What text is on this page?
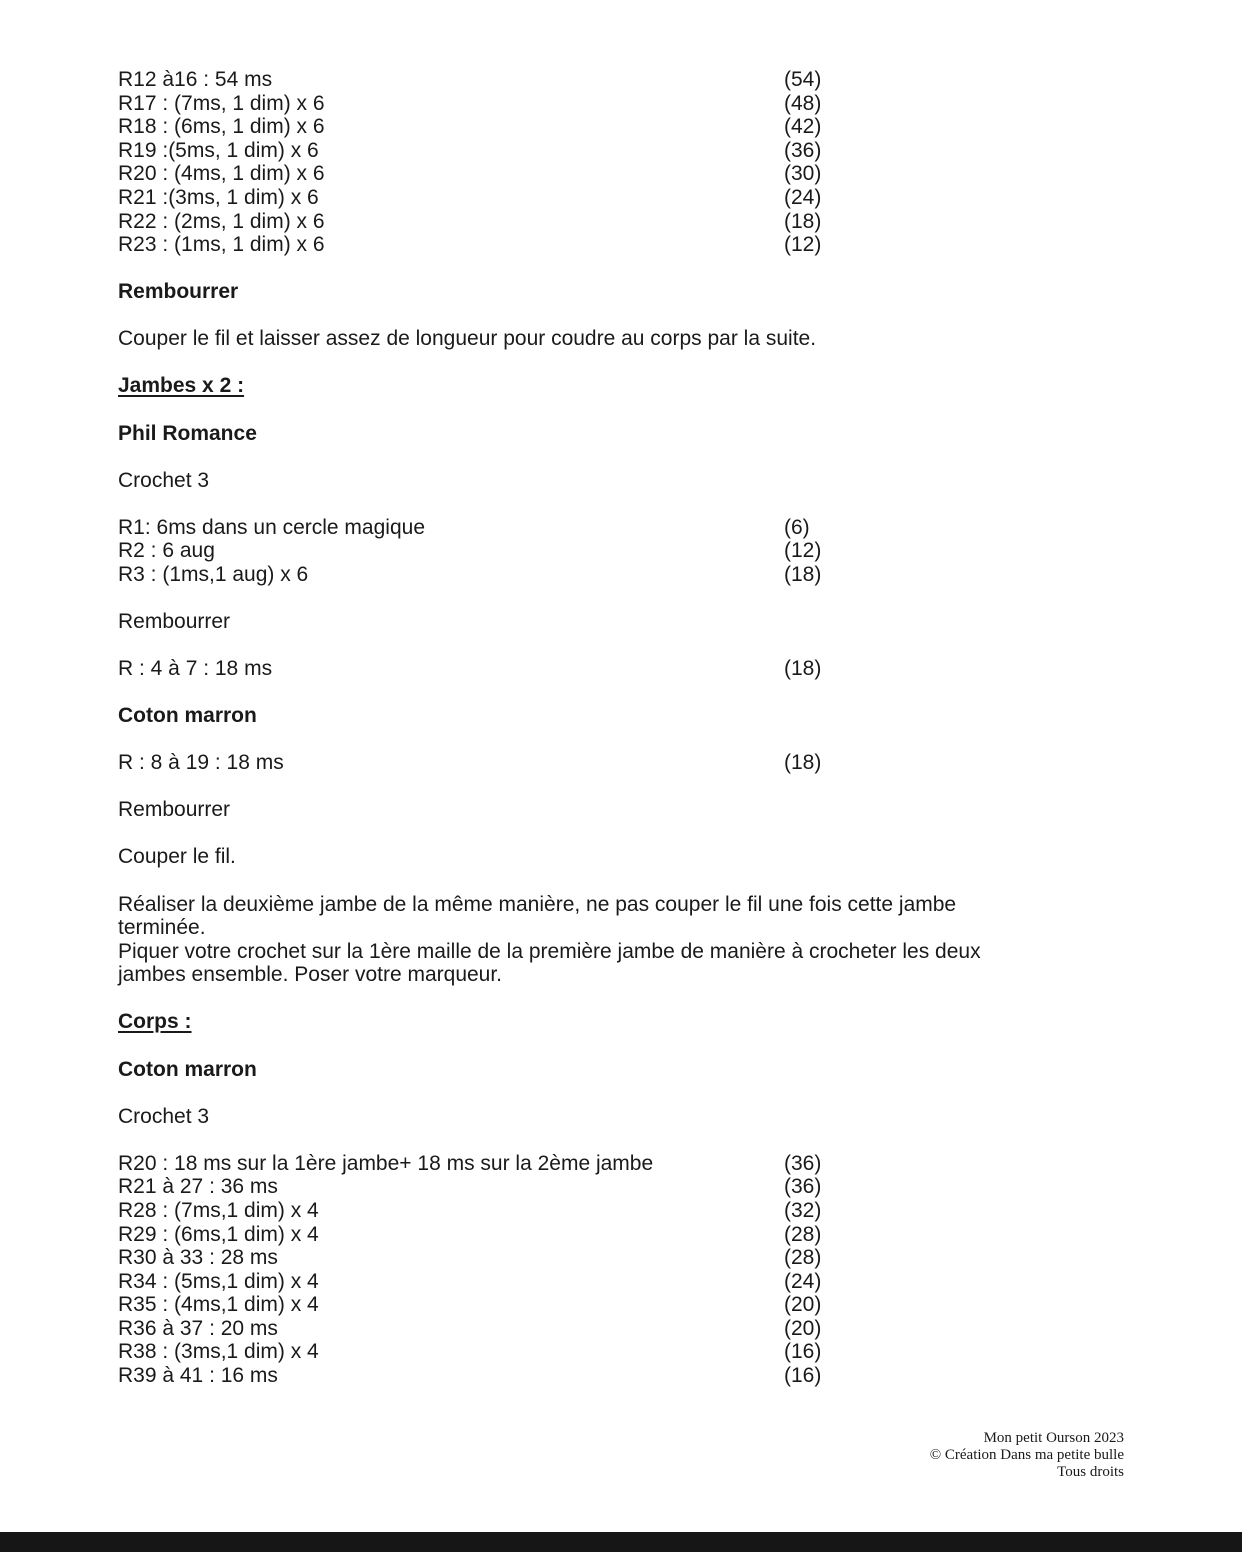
R12 à16 : 54 ms	(54)
R17 : (7ms, 1 dim) x 6	(48)
R18 : (6ms, 1 dim) x 6	(42)
R19 :(5ms, 1 dim) x 6	(36)
R20 : (4ms, 1 dim) x 6	(30)
R21 :(3ms, 1 dim) x 6	(24)
R22 : (2ms, 1 dim) x 6	(18)
R23 : (1ms, 1 dim) x 6	(12)
Rembourrer
Couper le fil et laisser assez de longueur pour coudre au corps par la suite.
Jambes x 2 :
Phil Romance
Crochet 3
R1: 6ms dans un cercle magique	(6)
R2 : 6 aug	(12)
R3 : (1ms,1 aug) x 6	(18)
Rembourrer
R : 4 à 7 : 18 ms	(18)
Coton marron
R : 8 à 19 : 18 ms	(18)
Rembourrer
Couper le fil.
Réaliser la deuxième jambe de la même manière, ne pas couper le fil une fois cette jambe
terminée.
Piquer votre crochet sur la 1ère maille de la première jambe de manière à crocheter les deux
jambes ensemble. Poser votre marqueur.
Corps :
Coton marron
Crochet 3
R20 : 18 ms sur la 1ère jambe+ 18 ms sur la 2ème jambe	(36)
R21 à 27 : 36 ms	(36)
R28 : (7ms,1 dim) x 4	(32)
R29 : (6ms,1 dim) x 4	(28)
R30 à 33 : 28 ms	(28)
R34 : (5ms,1 dim) x 4	(24)
R35 : (4ms,1 dim) x 4	(20)
R36 à 37 : 20 ms	(20)
R38 : (3ms,1 dim) x 4	(16)
R39 à 41 : 16 ms	(16)
Mon petit Ourson 2023
© Création Dans ma petite bulle
Tous droits
